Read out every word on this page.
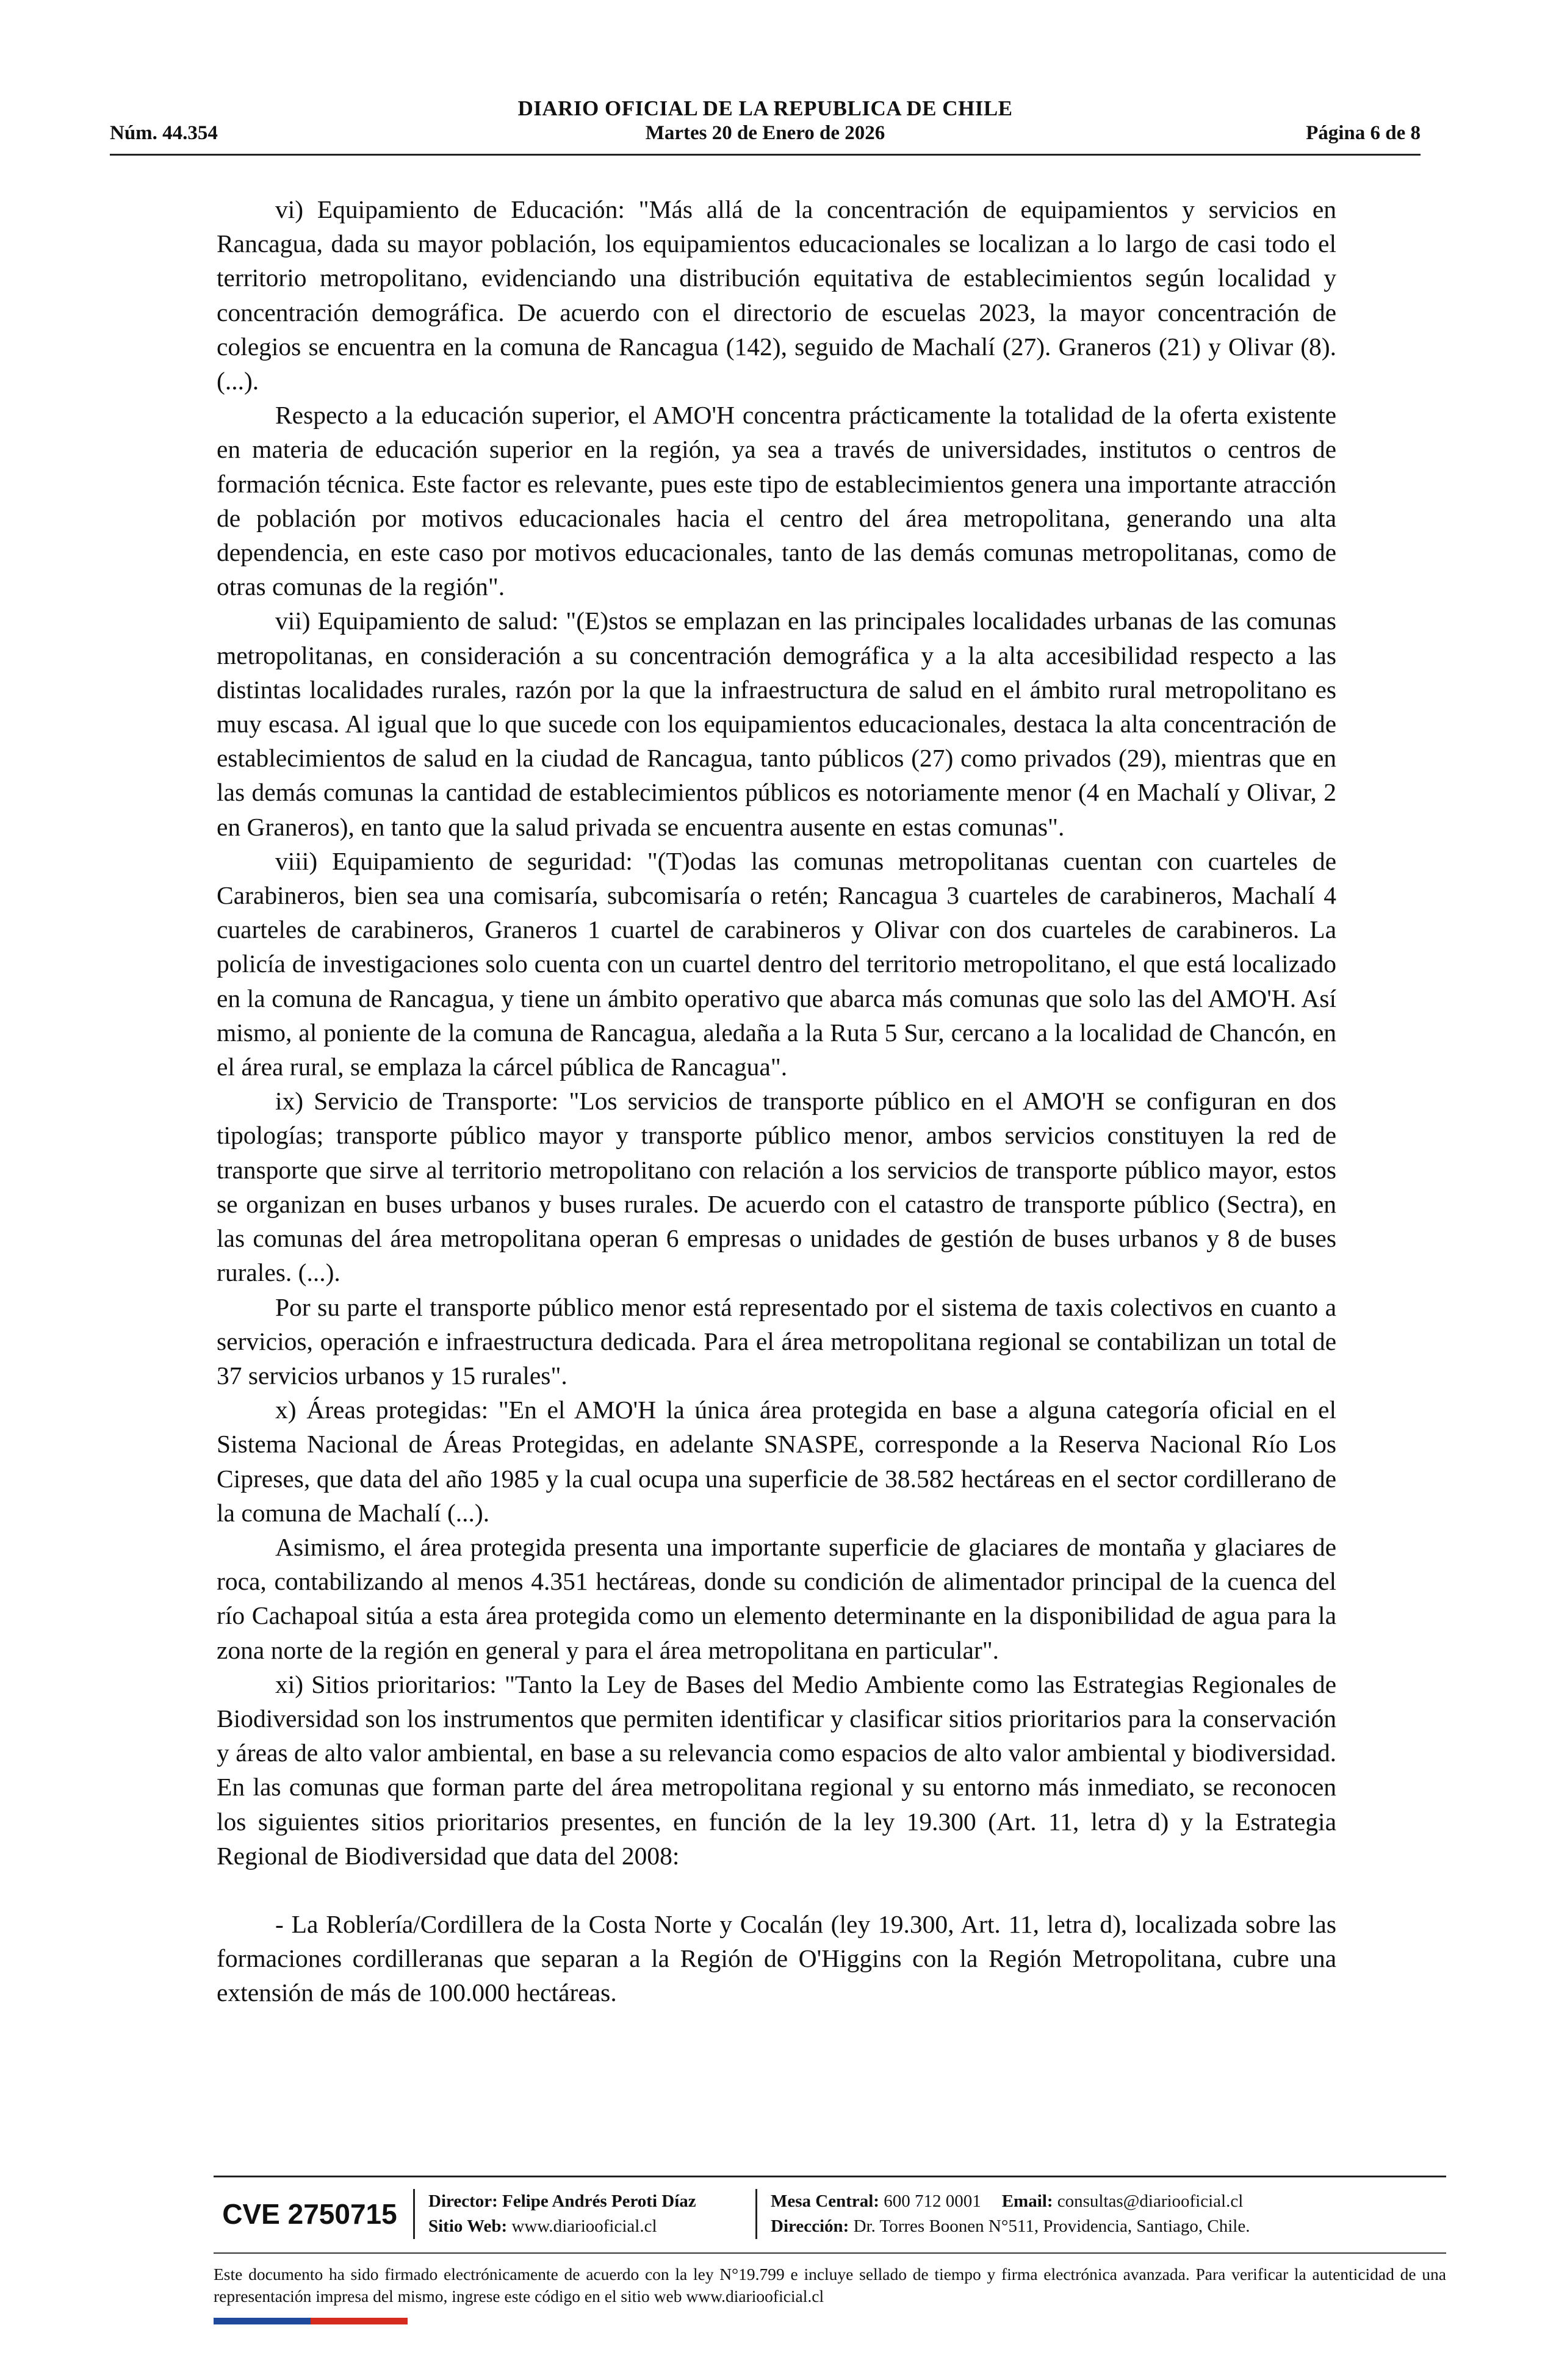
DIARIO OFICIAL DE LA REPUBLICA DE CHILE
Núm. 44.354	Martes 20 de Enero de 2026	Página 6 de 8

vi) Equipamiento de Educación: "Más allá de la concentración de equipamientos y servicios en Rancagua, dada su mayor población, los equipamientos educacionales se localizan a lo largo de casi todo el territorio metropolitano, evidenciando una distribución equitativa de establecimientos según localidad y concentración demográfica. De acuerdo con el directorio de escuelas 2023, la mayor concentración de colegios se encuentra en la comuna de Rancagua (142), seguido de Machalí (27). Graneros (21) y Olivar (8). (...).

Respecto a la educación superior, el AMO'H concentra prácticamente la totalidad de la oferta existente en materia de educación superior en la región, ya sea a través de universidades, institutos o centros de formación técnica. Este factor es relevante, pues este tipo de establecimientos genera una importante atracción de población por motivos educacionales hacia el centro del área metropolitana, generando una alta dependencia, en este caso por motivos educacionales, tanto de las demás comunas metropolitanas, como de otras comunas de la región".

vii) Equipamiento de salud: "(E)stos se emplazan en las principales localidades urbanas de las comunas metropolitanas, en consideración a su concentración demográfica y a la alta accesibilidad respecto a las distintas localidades rurales, razón por la que la infraestructura de salud en el ámbito rural metropolitano es muy escasa. Al igual que lo que sucede con los equipamientos educacionales, destaca la alta concentración de establecimientos de salud en la ciudad de Rancagua, tanto públicos (27) como privados (29), mientras que en las demás comunas la cantidad de establecimientos públicos es notoriamente menor (4 en Machalí y Olivar, 2 en Graneros), en tanto que la salud privada se encuentra ausente en estas comunas".

viii) Equipamiento de seguridad: "(T)odas las comunas metropolitanas cuentan con cuarteles de Carabineros, bien sea una comisaría, subcomisaría o retén; Rancagua 3 cuarteles de carabineros, Machalí 4 cuarteles de carabineros, Graneros 1 cuartel de carabineros y Olivar con dos cuarteles de carabineros. La policía de investigaciones solo cuenta con un cuartel dentro del territorio metropolitano, el que está localizado en la comuna de Rancagua, y tiene un ámbito operativo que abarca más comunas que solo las del AMO'H. Así mismo, al poniente de la comuna de Rancagua, aledaña a la Ruta 5 Sur, cercano a la localidad de Chancón, en el área rural, se emplaza la cárcel pública de Rancagua".

ix) Servicio de Transporte: "Los servicios de transporte público en el AMO'H se configuran en dos tipologías; transporte público mayor y transporte público menor, ambos servicios constituyen la red de transporte que sirve al territorio metropolitano con relación a los servicios de transporte público mayor, estos se organizan en buses urbanos y buses rurales. De acuerdo con el catastro de transporte público (Sectra), en las comunas del área metropolitana operan 6 empresas o unidades de gestión de buses urbanos y 8 de buses rurales. (...).

Por su parte el transporte público menor está representado por el sistema de taxis colectivos en cuanto a servicios, operación e infraestructura dedicada. Para el área metropolitana regional se contabilizan un total de 37 servicios urbanos y 15 rurales".

x) Áreas protegidas: "En el AMO'H la única área protegida en base a alguna categoría oficial en el Sistema Nacional de Áreas Protegidas, en adelante SNASPE, corresponde a la Reserva Nacional Río Los Cipreses, que data del año 1985 y la cual ocupa una superficie de 38.582 hectáreas en el sector cordillerano de la comuna de Machalí (...).

Asimismo, el área protegida presenta una importante superficie de glaciares de montaña y glaciares de roca, contabilizando al menos 4.351 hectáreas, donde su condición de alimentador principal de la cuenca del río Cachapoal sitúa a esta área protegida como un elemento determinante en la disponibilidad de agua para la zona norte de la región en general y para el área metropolitana en particular".

xi) Sitios prioritarios: "Tanto la Ley de Bases del Medio Ambiente como las Estrategias Regionales de Biodiversidad son los instrumentos que permiten identificar y clasificar sitios prioritarios para la conservación y áreas de alto valor ambiental, en base a su relevancia como espacios de alto valor ambiental y biodiversidad. En las comunas que forman parte del área metropolitana regional y su entorno más inmediato, se reconocen los siguientes sitios prioritarios presentes, en función de la ley 19.300 (Art. 11, letra d) y la Estrategia Regional de Biodiversidad que data del 2008:

- La Roblería/Cordillera de la Costa Norte y Cocalán (ley 19.300, Art. 11, letra d), localizada sobre las formaciones cordilleranas que separan a la Región de O'Higgins con la Región Metropolitana, cubre una extensión de más de 100.000 hectáreas.

CVE 2750715	Director: Felipe Andrés Peroti Díaz
Sitio Web: www.diariooficial.cl
Mesa Central: 600 712 0001 Email: consultas@diariooficial.cl
Dirección: Dr. Torres Boonen N°511, Providencia, Santiago, Chile.
Este documento ha sido firmado electrónicamente de acuerdo con la ley N°19.799 e incluye sellado de tiempo y firma electrónica avanzada. Para verificar la autenticidad de una representación impresa del mismo, ingrese este código en el sitio web www.diariooficial.cl
